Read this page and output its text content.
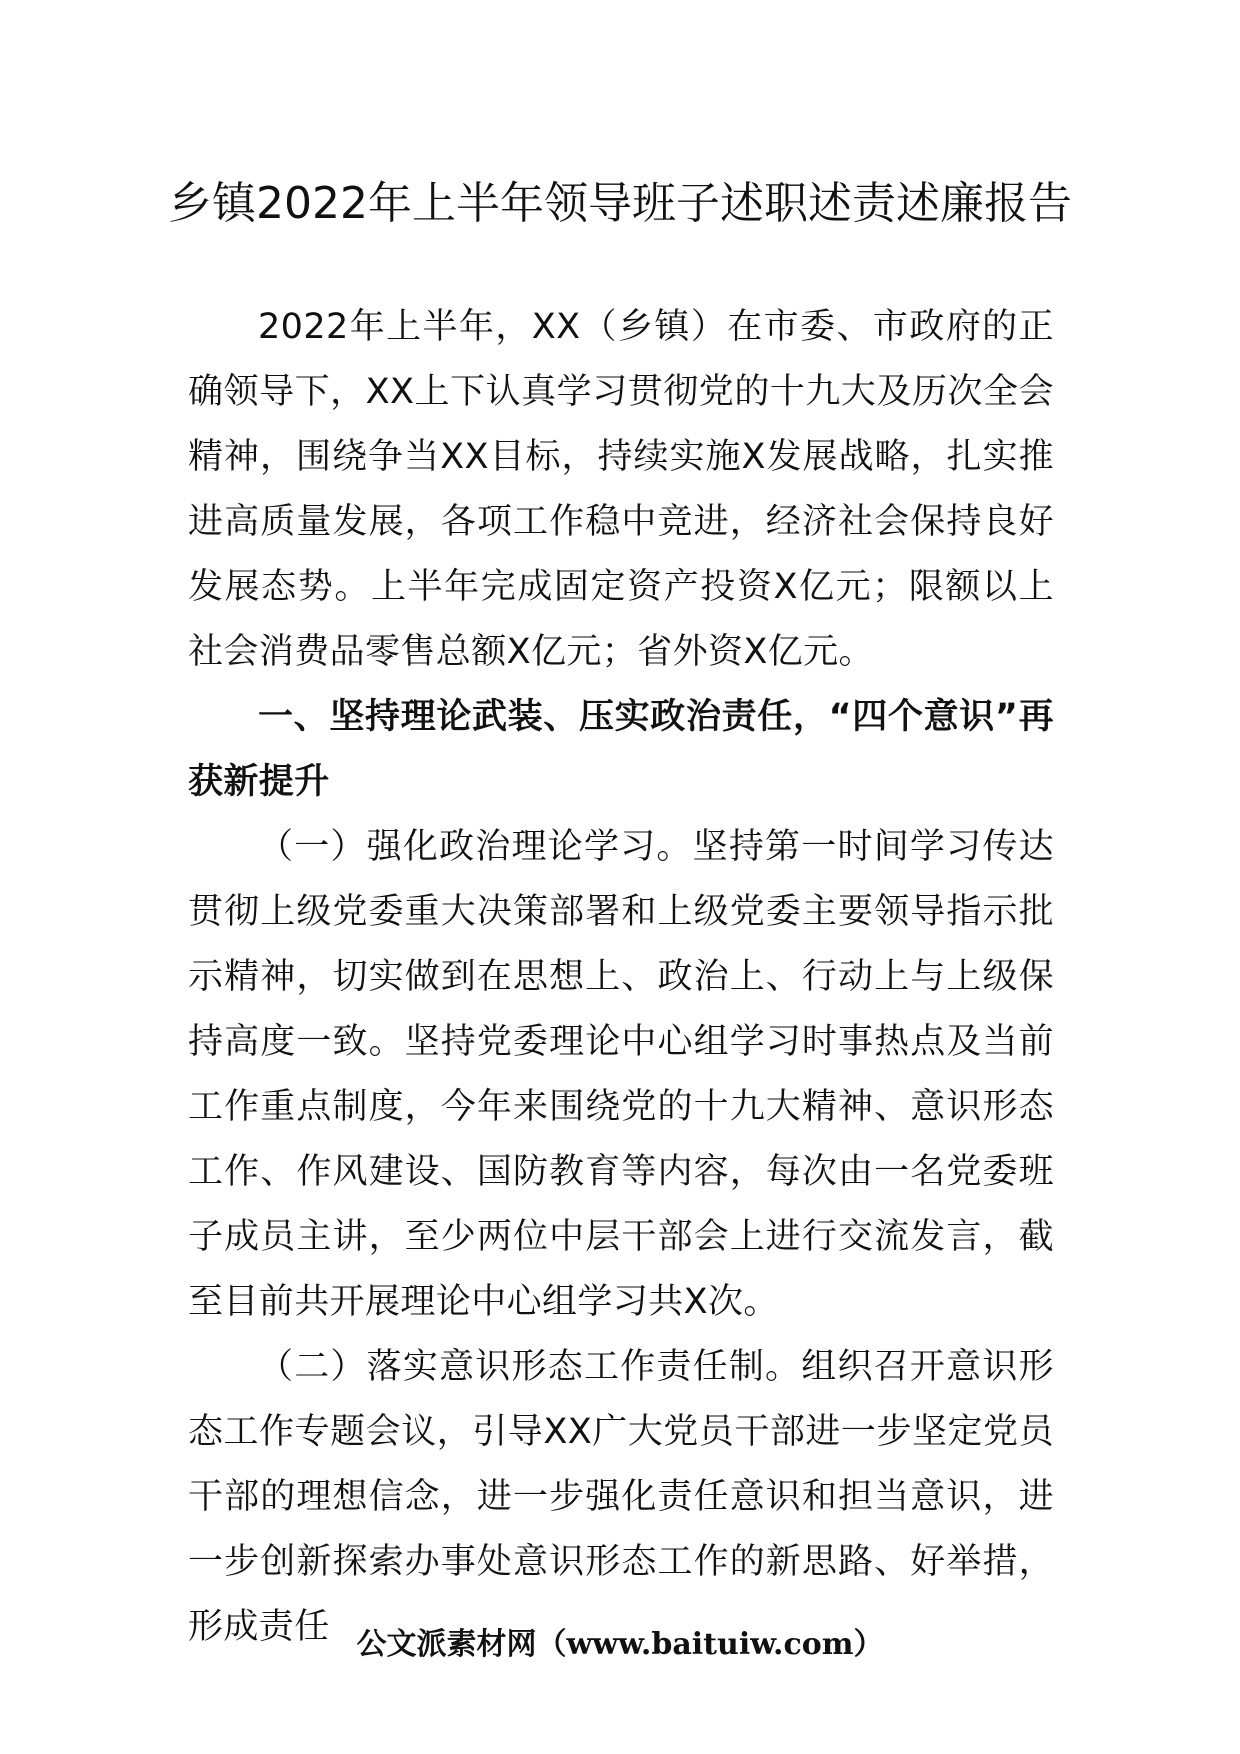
乡镇2022年上半年领导班子述职述责述廉报告

2022年上半年，XX（乡镇）在市委、市政府的正确领导下，XX上下认真学习贯彻党的十九大及历次全会精神，围绕争当XX目标，持续实施X发展战略，扎实推进高质量发展，各项工作稳中竞进，经济社会保持良好发展态势。上半年完成固定资产投资X亿元；限额以上社会消费品零售总额X亿元；省外资X亿元。

一、坚持理论武装、压实政治责任，“四个意识”再获新提升

（一）强化政治理论学习。坚持第一时间学习传达贯彻上级党委重大决策部署和上级党委主要领导指示批示精神，切实做到在思想上、政治上、行动上与上级保持高度一致。坚持党委理论中心组学习时事热点及当前工作重点制度，今年来围绕党的十九大精神、意识形态工作、作风建设、国防教育等内容，每次由一名党委班子成员主讲，至少两位中层干部会上进行交流发言，截至目前共开展理论中心组学习共X次。

（二）落实意识形态工作责任制。组织召开意识形态工作专题会议，引导XX广大党员干部进一步坚定党员干部的理想信念，进一步强化责任意识和担当意识，进一步创新探索办事处意识形态工作的新思路、好举措，形成责任 公文派素材网（www.baituiw.com）
